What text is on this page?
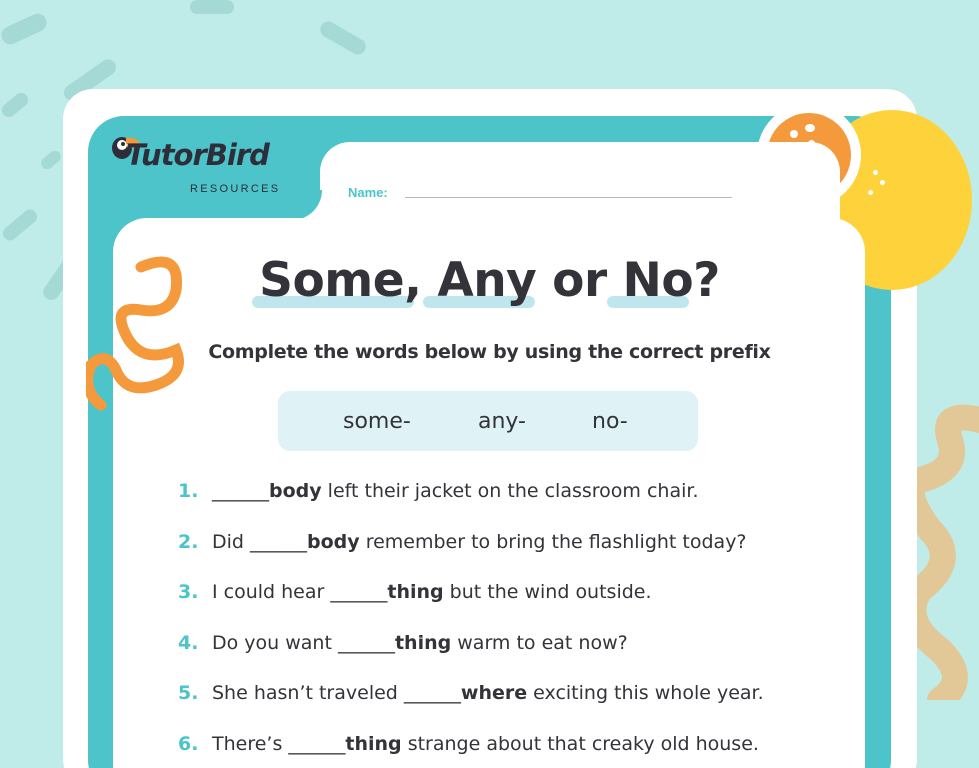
TutorBird
RESOURCES	Name:
Some, Any or No?
Complete the words below by using the correct prefix
some-	any-	no-
1. ______body left their jacket on the classroom chair.
2. Did ______body remember to bring the flashlight today?
3. I could hear ______thing but the wind outside.
4. Do you want ______thing warm to eat now?
5. She hasn’t traveled ______where exciting this whole year.
6. There’s ______thing strange about that creaky old house.
